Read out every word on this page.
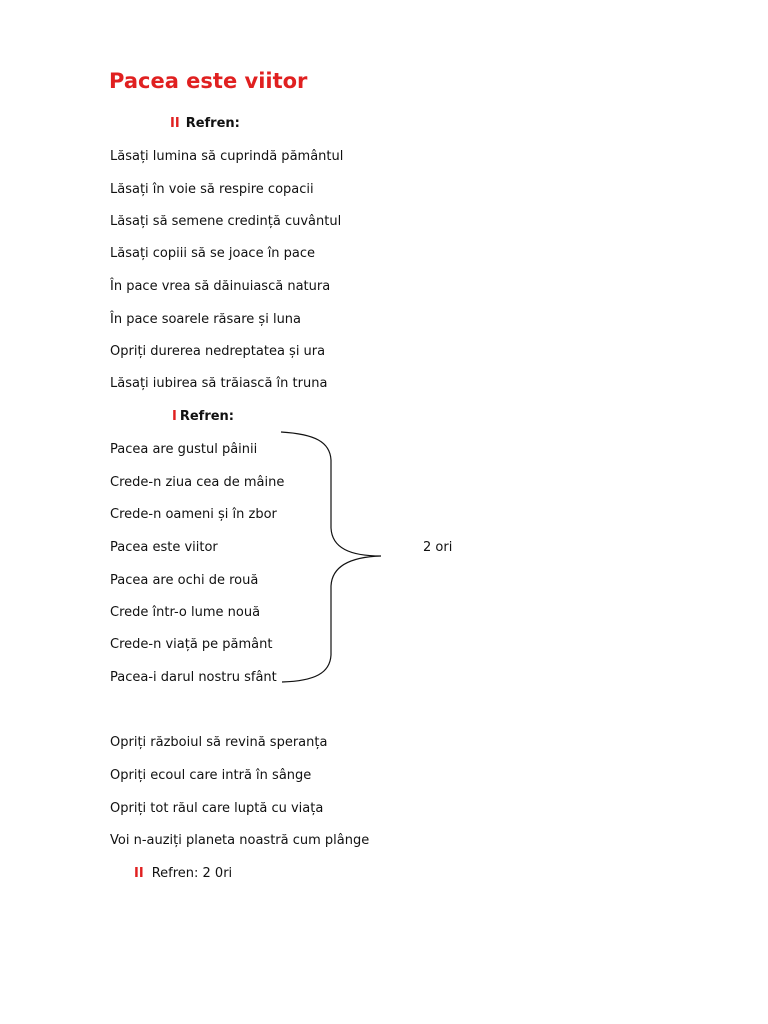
Pacea este viitor
II Refren:
Lăsați lumina să cuprindă pământul
Lăsați în voie să respire copacii
Lăsați să semene credință cuvântul
Lăsați copiii să se joace în pace
În pace vrea să dăinuiască natura
În pace soarele răsare și luna
Opriți durerea nedreptatea și ura
Lăsați iubirea să trăiască în truna
I Refren:
Pacea are gustul pâinii
Crede-n ziua cea de mâine
Crede-n oameni și în zbor
Pacea este viitor
Pacea are ochi de rouă
Crede într-o lume nouă
Crede-n viață pe pământ
Pacea-i darul nostru sfânt
2 ori
Opriți războiul să revină speranța
Opriți ecoul care intră în sânge
Opriți tot răul care luptă cu viața
Voi n-auziți planeta noastră cum plânge
II Refren: 2 0ri
